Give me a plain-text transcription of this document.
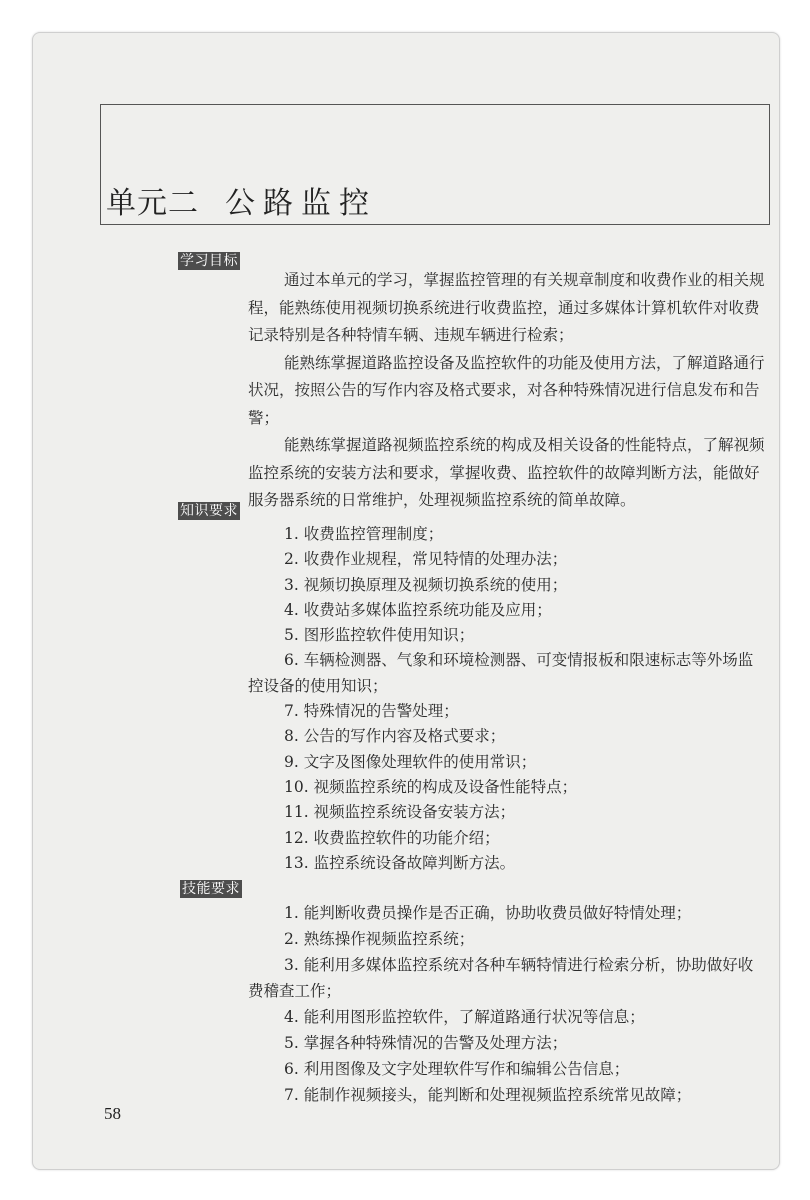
单元二 公路监控
学习目标

通过本单元的学习，掌握监控管理的有关规章制度和收费作业的相关规程，能熟练使用视频切换系统进行收费监控，通过多媒体计算机软件对收费记录特别是各种特情车辆、违规车辆进行检索；

能熟练掌握道路监控设备及监控软件的功能及使用方法，了解道路通行状况，按照公告的写作内容及格式要求，对各种特殊情况进行信息发布和告警；

能熟练掌握道路视频监控系统的构成及相关设备的性能特点，了解视频监控系统的安装方法和要求，掌握收费、监控软件的故障判断方法，能做好服务器系统的日常维护，处理视频监控系统的简单故障。

知识要求

1. 收费监控管理制度；

2. 收费作业规程，常见特情的处理办法；

3. 视频切换原理及视频切换系统的使用；

4. 收费站多媒体监控系统功能及应用；

5. 图形监控软件使用知识；

6. 车辆检测器、气象和环境检测器、可变情报板和限速标志等外场监控设备的使用知识；

7. 特殊情况的告警处理；

8. 公告的写作内容及格式要求；

9. 文字及图像处理软件的使用常识；

10. 视频监控系统的构成及设备性能特点；

11. 视频监控系统设备安装方法；

12. 收费监控软件的功能介绍；

13. 监控系统设备故障判断方法。

技能要求

1. 能判断收费员操作是否正确，协助收费员做好特情处理；

2. 熟练操作视频监控系统；

3. 能利用多媒体监控系统对各种车辆特情进行检索分析，协助做好收费稽查工作；

4. 能利用图形监控软件，了解道路通行状况等信息；

5. 掌握各种特殊情况的告警及处理方法；

6. 利用图像及文字处理软件写作和编辑公告信息；

7. 能制作视频接头，能判断和处理视频监控系统常见故障；

58
